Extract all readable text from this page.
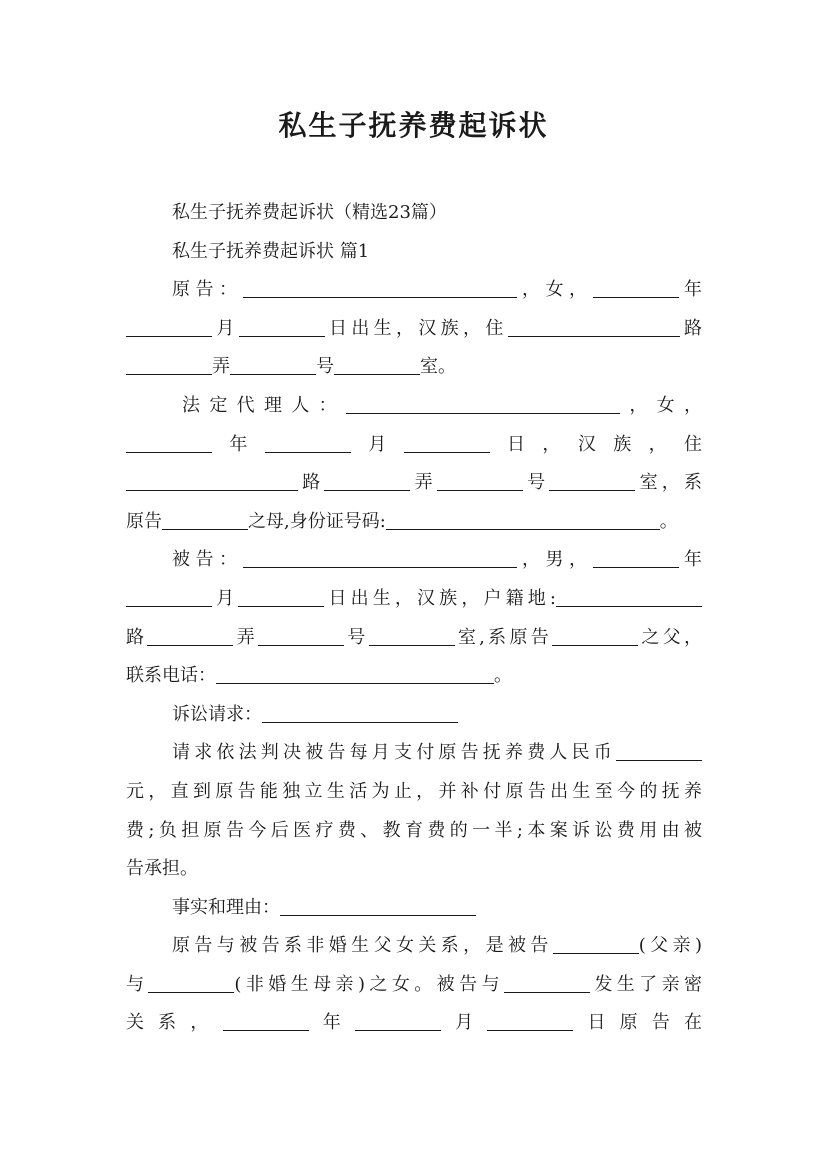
私生子抚养费起诉状
私生子抚养费起诉状（精选23篇）
私生子抚养费起诉状 篇1
原告：	，女，	年
月	日出生，汉族，住	路
弄	号	室。
法定代理人：	，女，
年	月	日，汉族，住
路	弄	号	室，系
原告	之母,身份证号码:	。
被告：	，男，	年
月	日出生，汉族，户籍地:
路	弄	号	室,系原告	之父，
联系电话：	。
诉讼请求：
请求依法判决被告每月支付原告抚养费人民币
元，直到原告能独立生活为止，并补付原告出生至今的抚养
费;负担原告今后医疗费、教育费的一半;本案诉讼费用由被
告承担。
事实和理由：
原告与被告系非婚生父女关系，是被告	(父亲)
与	(非婚生母亲)之女。被告与	发生了亲密
关系，	年	月	日原告在
